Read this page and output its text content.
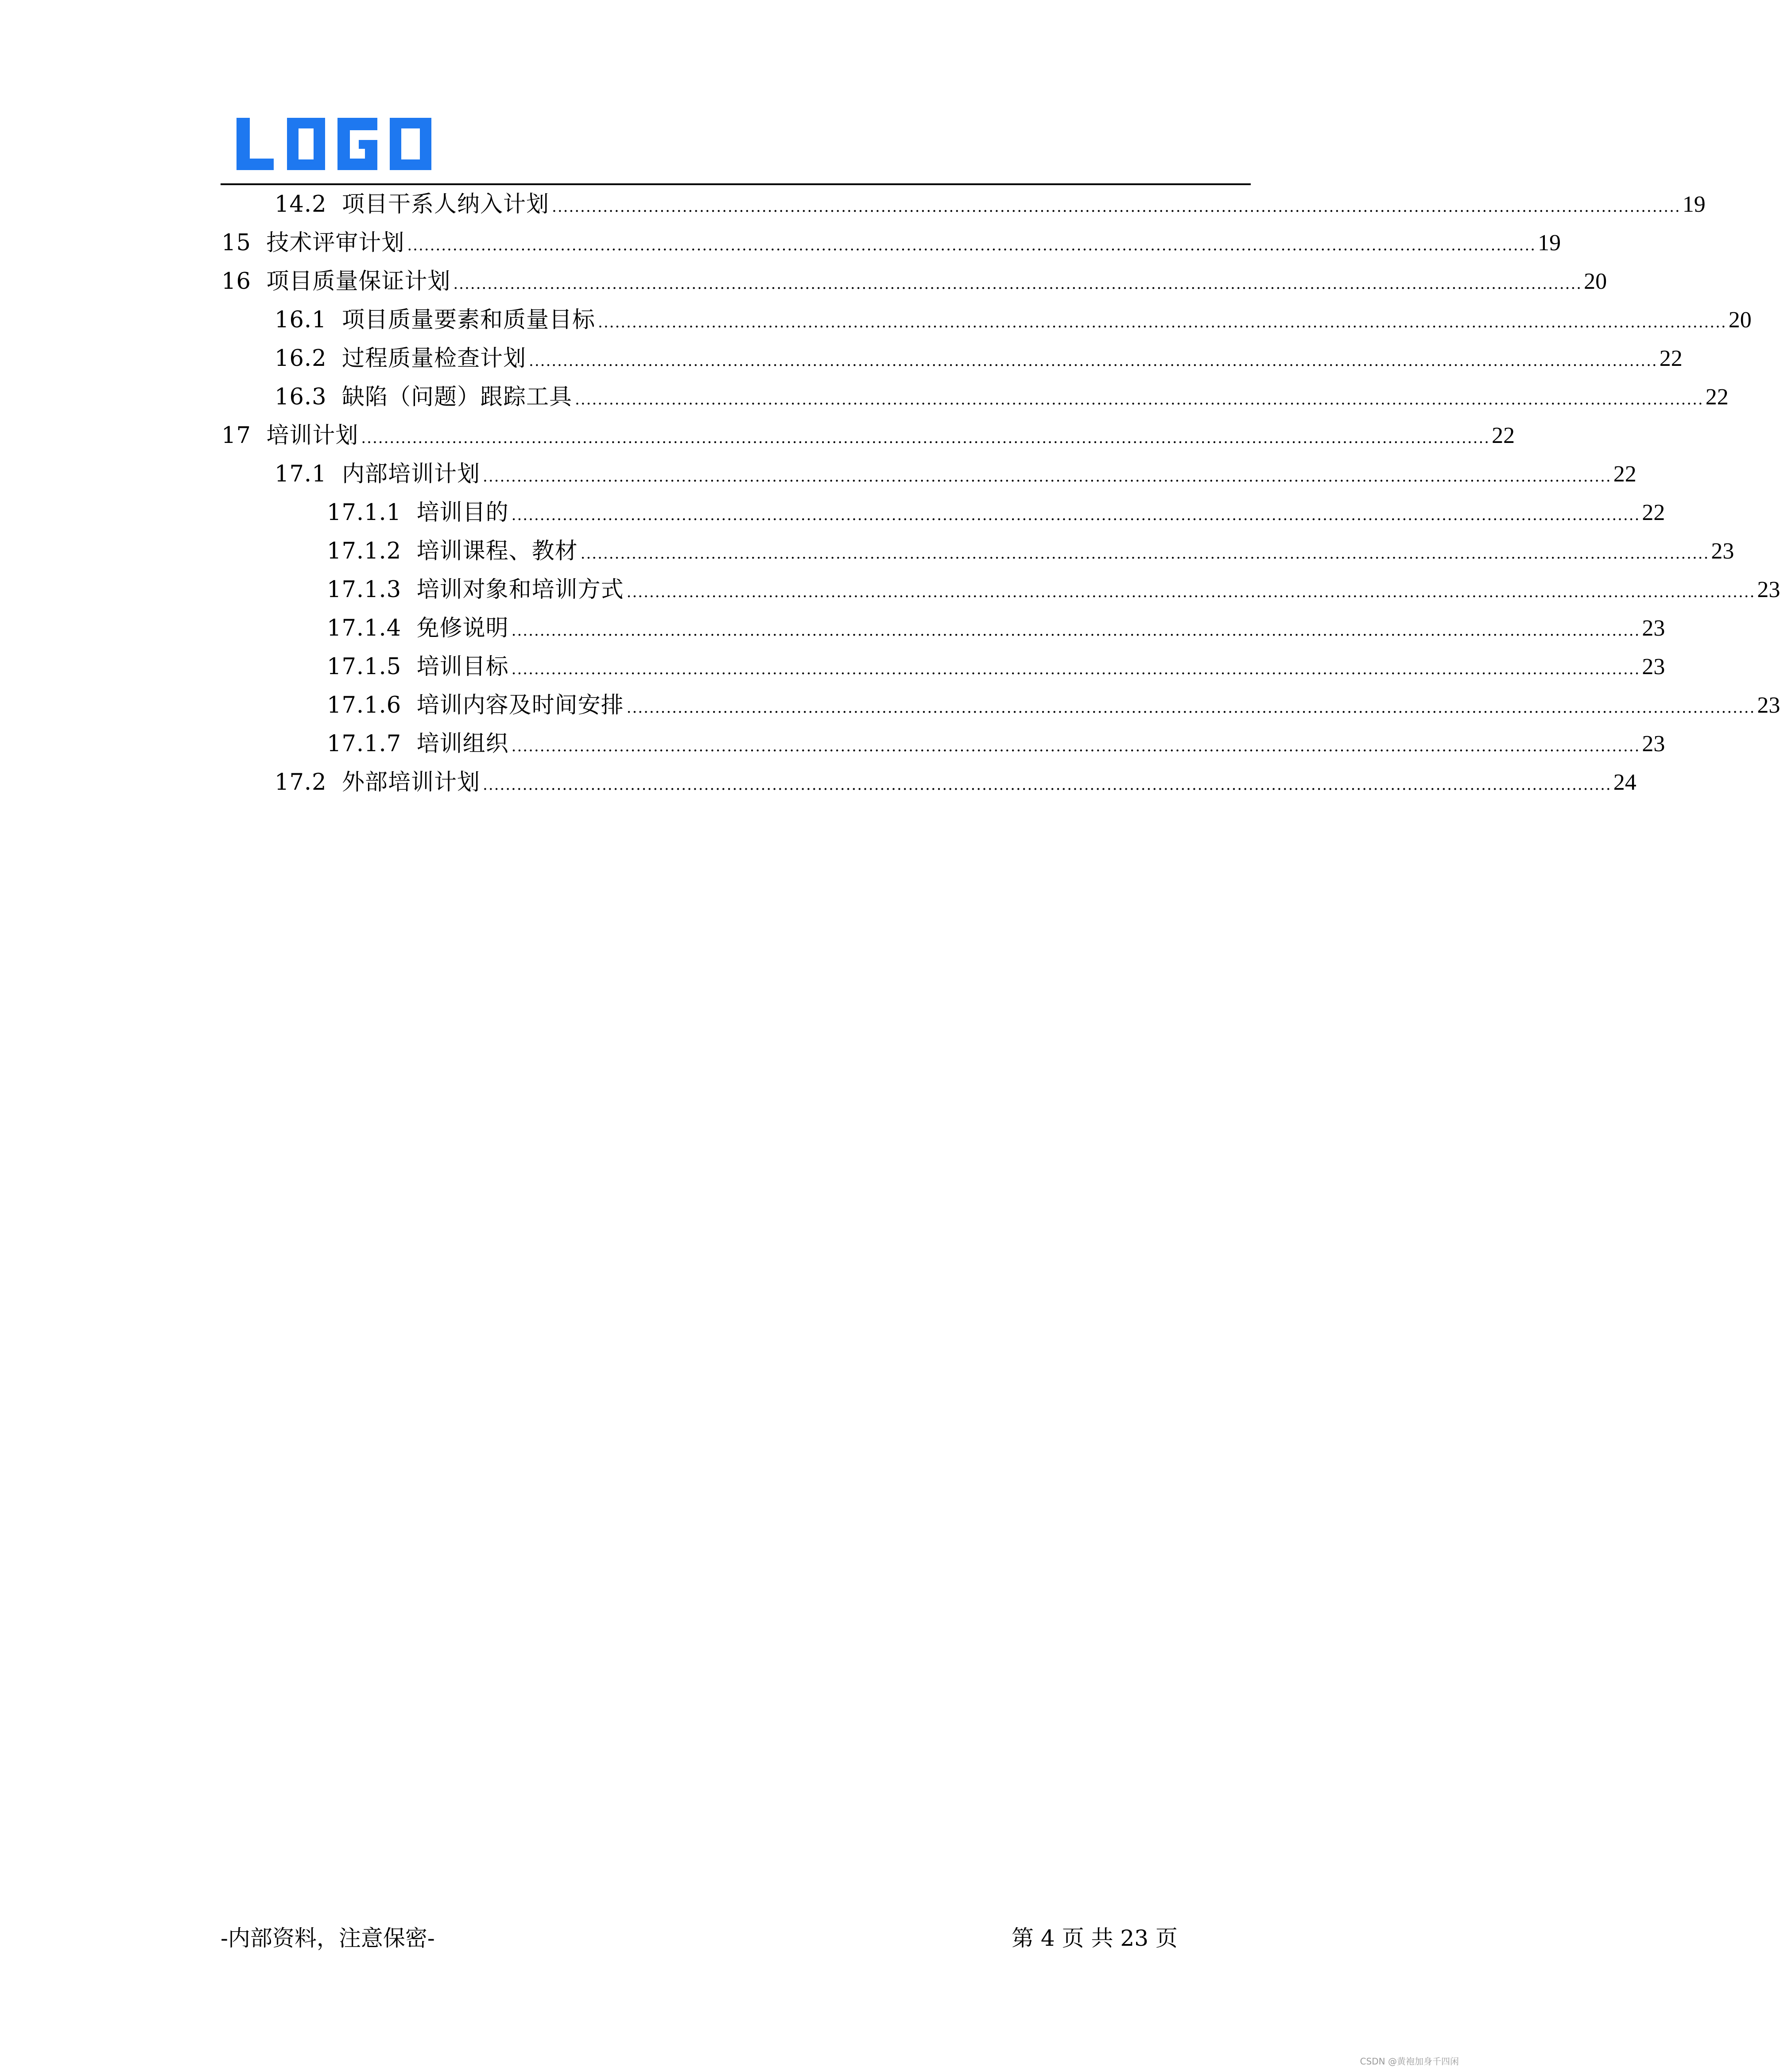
14.2 项目干系人纳入计划 ....................................................................................................................................................................................................... 19
15 技术评审计划 ....................................................................................................................................................................................................... 19
16 项目质量保证计划 ....................................................................................................................................................................................................... 20
16.1 项目质量要素和质量目标 ....................................................................................................................................................................................................... 20
16.2 过程质量检查计划 ....................................................................................................................................................................................................... 22
16.3 缺陷（问题）跟踪工具 ....................................................................................................................................................................................................... 22
17 培训计划 ....................................................................................................................................................................................................... 22
17.1 内部培训计划 ....................................................................................................................................................................................................... 22
17.1.1 培训目的 ....................................................................................................................................................................................................... 22
17.1.2 培训课程、教材 ....................................................................................................................................................................................................... 23
17.1.3 培训对象和培训方式 ....................................................................................................................................................................................................... 23
17.1.4 免修说明 ....................................................................................................................................................................................................... 23
17.1.5 培训目标 ....................................................................................................................................................................................................... 23
17.1.6 培训内容及时间安排 ....................................................................................................................................................................................................... 23
17.1.7 培训组织 ....................................................................................................................................................................................................... 23
17.2 外部培训计划 ....................................................................................................................................................................................................... 24
-内部资料，注意保密-	第 4 页 共 23 页
CSDN @黄袍加身千四闲
